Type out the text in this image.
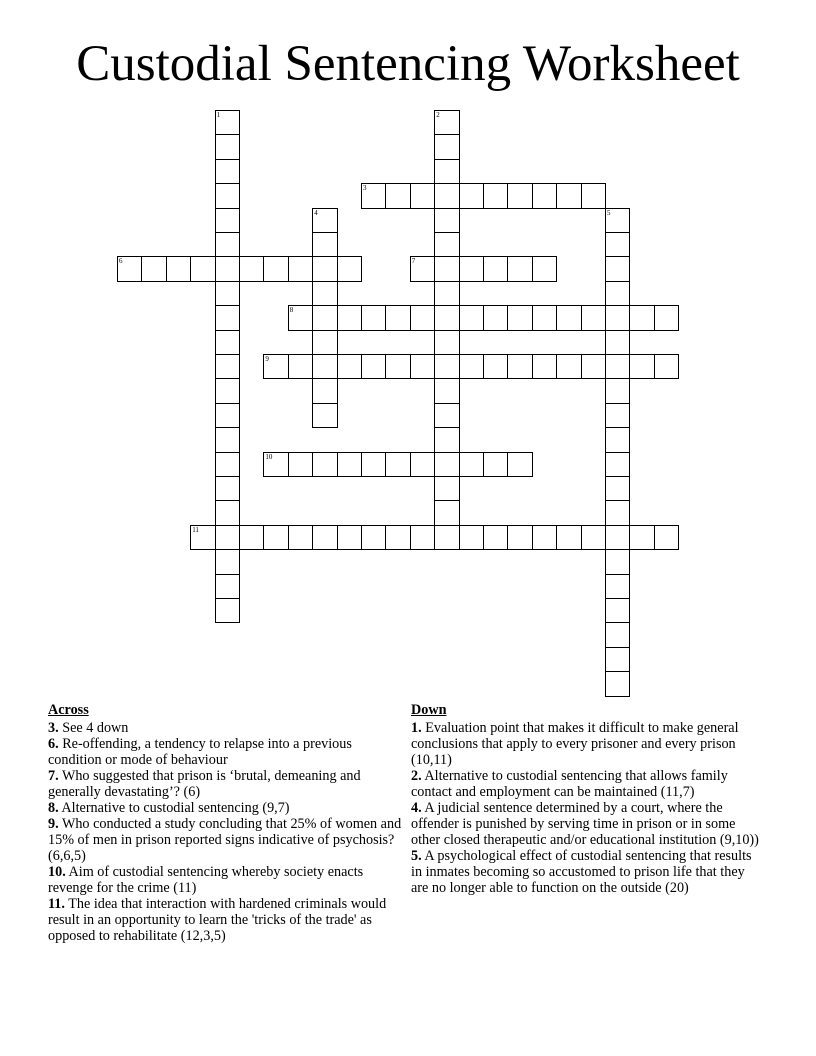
Custodial Sentencing Worksheet
1	2
3
4	5
6	7
8
9
10
11
Across

3. See 4 down

6. Re-offending, a tendency to relapse into a previous condition or mode of behaviour

7. Who suggested that prison is ‘brutal, demeaning and generally devastating’? (6)

8. Alternative to custodial sentencing (9,7)

9. Who conducted a study concluding that 25% of women and 15% of men in prison reported signs indicative of psychosis? (6,6,5)

10. Aim of custodial sentencing whereby society enacts revenge for the crime (11)

11. The idea that interaction with hardened criminals would result in an opportunity to learn the 'tricks of the trade' as opposed to rehabilitate (12,3,5)

Down

1. Evaluation point that makes it difficult to make general conclusions that apply to every prisoner and every prison (10,11)

2. Alternative to custodial sentencing that allows family contact and employment can be maintained (11,7)

4. A judicial sentence determined by a court, where the offender is punished by serving time in prison or in some other closed therapeutic and/or educational institution (9,10))

5. A psychological effect of custodial sentencing that results in inmates becoming so accustomed to prison life that they are no longer able to function on the outside (20)
